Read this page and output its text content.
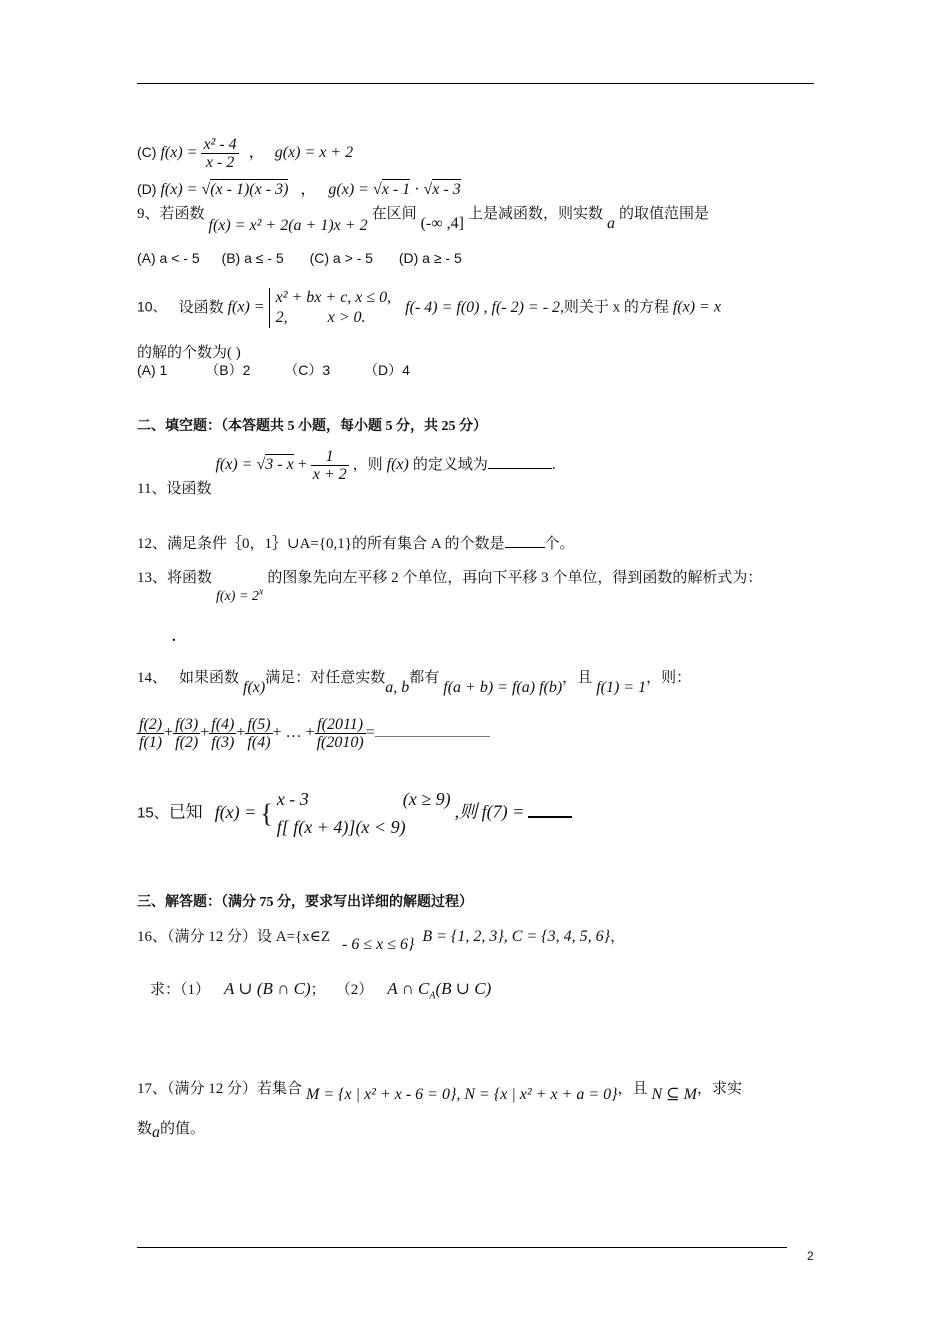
(C) $f(x) = \frac{\text{x² - 4}}{x - 2}$ ， g(x) = x + 2
(D) f(x) = √(x - 1)(x - 3) ， g(x) = √x - 1 · √x - 3
9、若函数 f(x) = x² + 2(a + 1)x + 2 在区间 (-∞ ,4] 上是减函数，则实数 a 的取值范围是
(A) a < - 5 (B) a ≤ - 5 (C) a > - 5 (D) a ≥ - 5
10、 设函数 f(x) =
x² + bx + c, x ≤ 0,
2,          x > 0.
f(- 4) = f(0) , f(- 2) = - 2,则关于 x 的方程 f(x) = x
的解的个数为( )
(A) 1	（B）2 （C）3 （D）4
二、填空题：（本答题共 5 小题，每小题 5 分，共 25 分）
11、设函数 $f(x) = √3 - x + \frac{1}{x + 2}$ ，则 f(x) 的定义域为	.
12、满足条件｛0，1｝∪A={0,1}的所有集合 A 的个数是	个。
13、将函数 $f(x) = 2^x$ 的图象先向左平移 2 个单位，再向下平移 3 个单位，得到函数的解析式为：
.
14、 如果函数 f(x)满足：对任意实数a, b都有 f(a + b) = f(a) f(b)，且 f(1) = 1，则：
$\frac{f(2)}{f(1)} + \frac{f(3)}{f(2)} + \frac{f(4)}{f(3)} + \frac{f(5)}{f(4)}$ + … + $\frac{f(2011)}{f(2010)}$ =
15、已知 f(x) = { x - 3	(x ≥ 9)
f[ f(x + 4)](x < 9)
,则 f(7) =
三、解答题：（满分 75 分，要求写出详细的解题过程）
16、（满分 12 分）设 A={x∈Z - 6 ≤ x ≤ 6} B = {1, 2, 3}, C = {3, 4, 5, 6}，
求：（1） A ∪ (B ∩ C)； （2） A ∩ $C_A(B$ ∪ C)
17、（满分 12 分）若集合 M = {x | x² + x - 6 = 0}, N = {x | x² + x + a = 0}，且 N ⊆ M，求实
数a的值。
2
